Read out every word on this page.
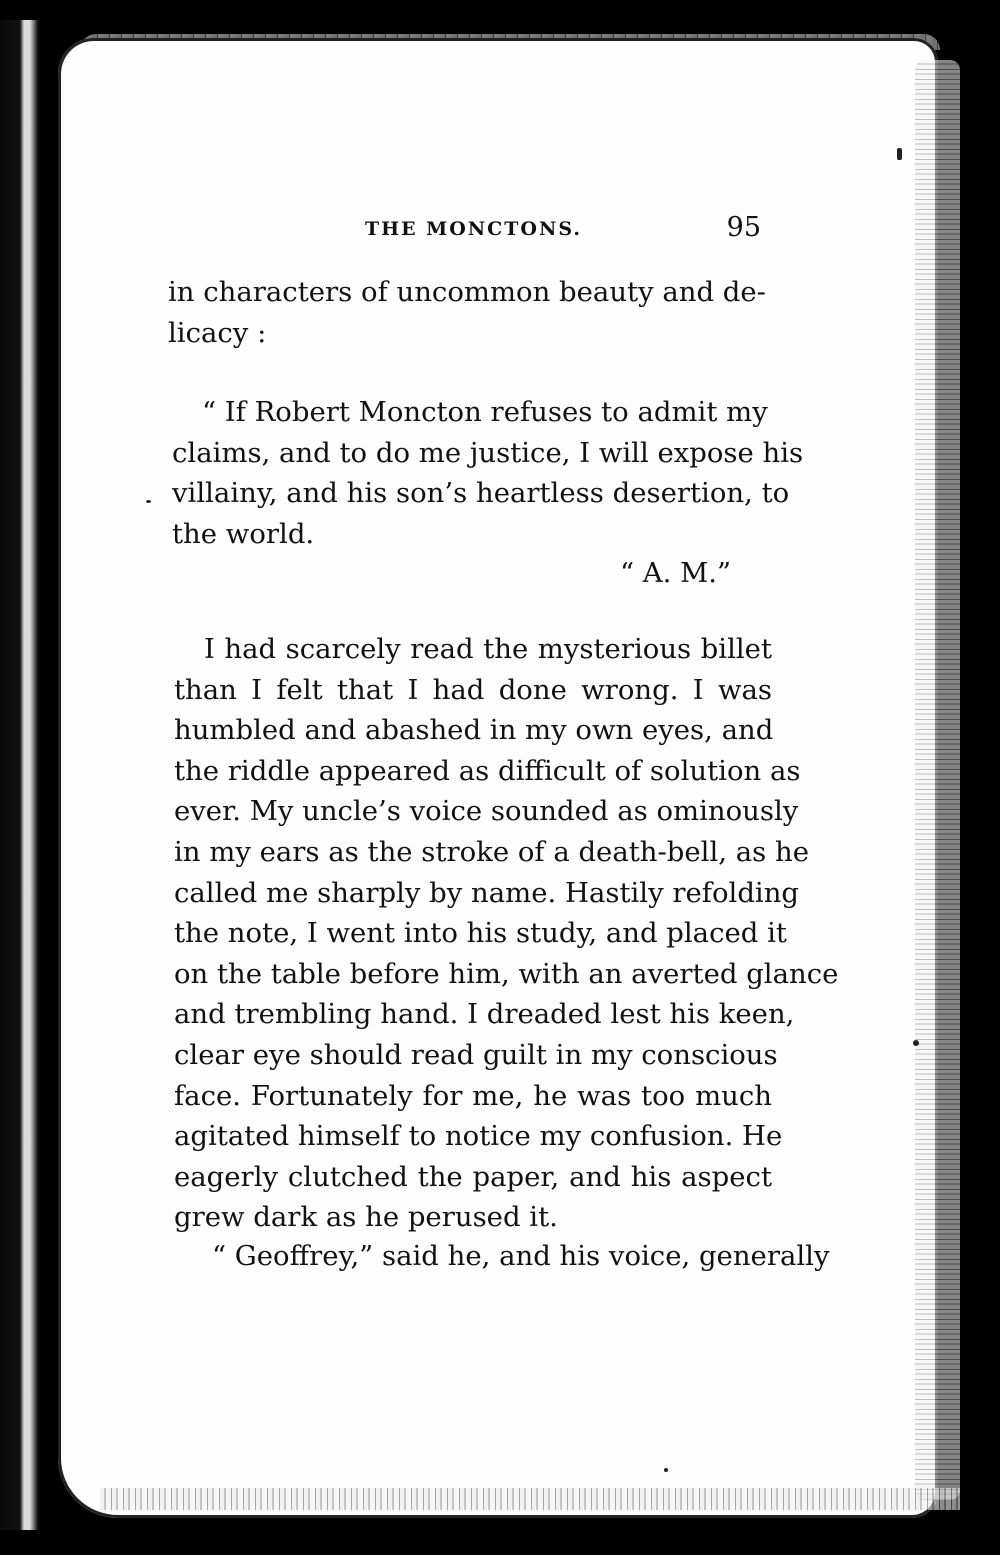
THE MONCTONS.	95
in characters of uncommon beauty and de-
licacy :
“ If Robert Moncton refuses to admit my
claims, and to do me justice, I will expose his
villainy, and his son’s heartless desertion, to
the world.
“ A. M.”
I had scarcely read the mysterious billet
than I felt that I had done wrong. I was
humbled and abashed in my own eyes, and
the riddle appeared as difficult of solution as
ever. My uncle’s voice sounded as ominously
in my ears as the stroke of a death-bell, as he
called me sharply by name. Hastily refolding
the note, I went into his study, and placed it
on the table before him, with an averted glance
and trembling hand. I dreaded lest his keen,
clear eye should read guilt in my conscious
face. Fortunately for me, he was too much
agitated himself to notice my confusion. He
eagerly clutched the paper, and his aspect
grew dark as he perused it.
“ Geoffrey,” said he, and his voice, generally
